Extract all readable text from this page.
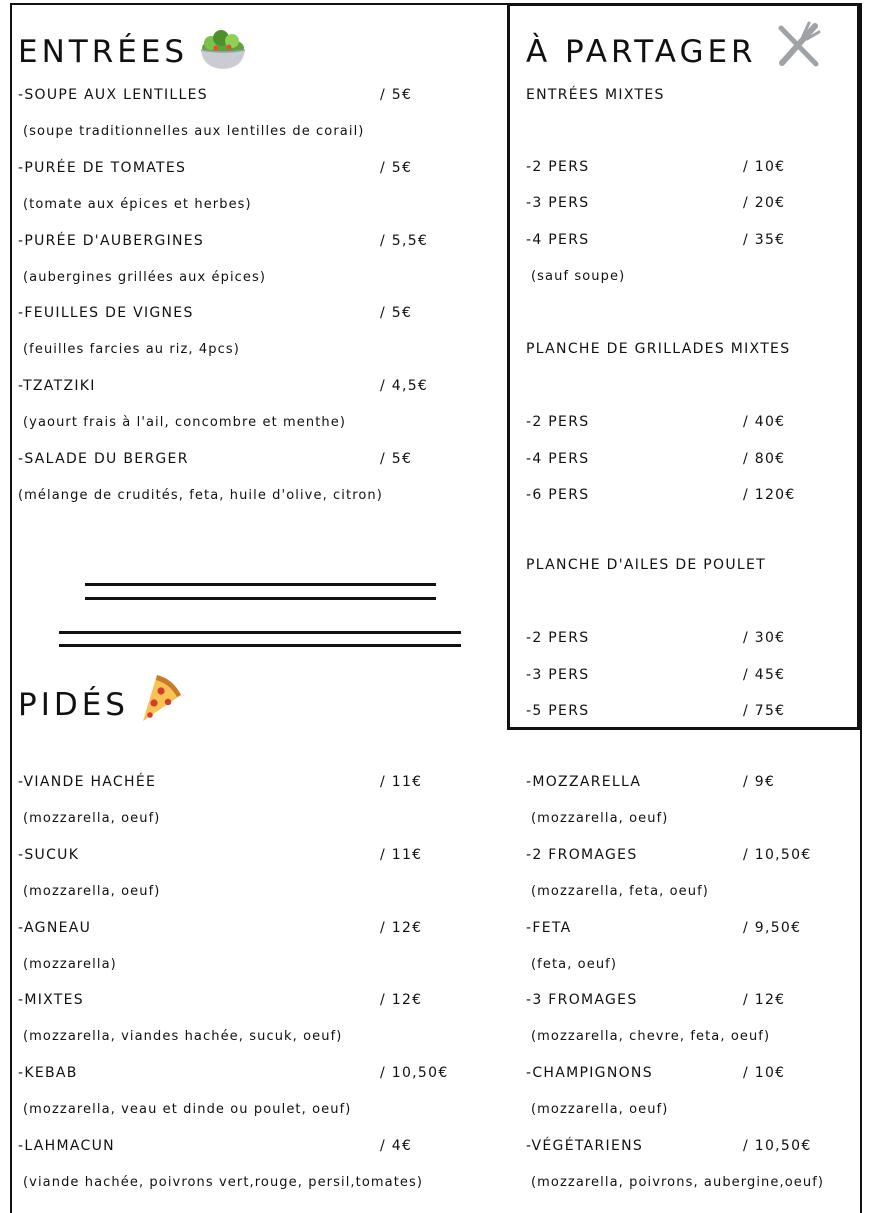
ENTRÉES
-SOUPE AUX LENTILLES	/ 5€
(soupe traditionnelles aux lentilles de corail)
-PURÉE DE TOMATES	/ 5€
(tomate aux épices et herbes)
-PURÉE D'AUBERGINES	/ 5,5€
(aubergines grillées aux épices)
-FEUILLES DE VIGNES	/ 5€
(feuilles farcies au riz, 4pcs)
-TZATZIKI	/ 4,5€
(yaourt frais à l'ail, concombre et menthe)
-SALADE DU BERGER	/ 5€
(mélange de crudités, feta, huile d'olive, citron)
À PARTAGER
ENTRÉES MIXTES
-2 PERS	/ 10€
-3 PERS	/ 20€
-4 PERS	/ 35€
(sauf soupe)
PLANCHE DE GRILLADES MIXTES
-2 PERS	/ 40€
-4 PERS	/ 80€
-6 PERS	/ 120€
PLANCHE D'AILES DE POULET
-2 PERS	/ 30€
-3 PERS	/ 45€
-5 PERS	/ 75€
PIDÉS
-VIANDE HACHÉE	/ 11€
(mozzarella, oeuf)
-SUCUK	/ 11€
(mozzarella, oeuf)
-AGNEAU	/ 12€
(mozzarella)
-MIXTES	/ 12€
(mozzarella, viandes hachée, sucuk, oeuf)
-KEBAB	/ 10,50€
(mozzarella, veau et dinde ou poulet, oeuf)
-LAHMACUN	/ 4€
(viande hachée, poivrons vert,rouge, persil,tomates)
-MOZZARELLA	/ 9€
(mozzarella, oeuf)
-2 FROMAGES	/ 10,50€
(mozzarella, feta, oeuf)
-FETA	/ 9,50€
(feta, oeuf)
-3 FROMAGES	/ 12€
(mozzarella, chevre, feta, oeuf)
-CHAMPIGNONS	/ 10€
(mozzarella, oeuf)
-VÉGÉTARIENS	/ 10,50€
(mozzarella, poivrons, aubergine,oeuf)
